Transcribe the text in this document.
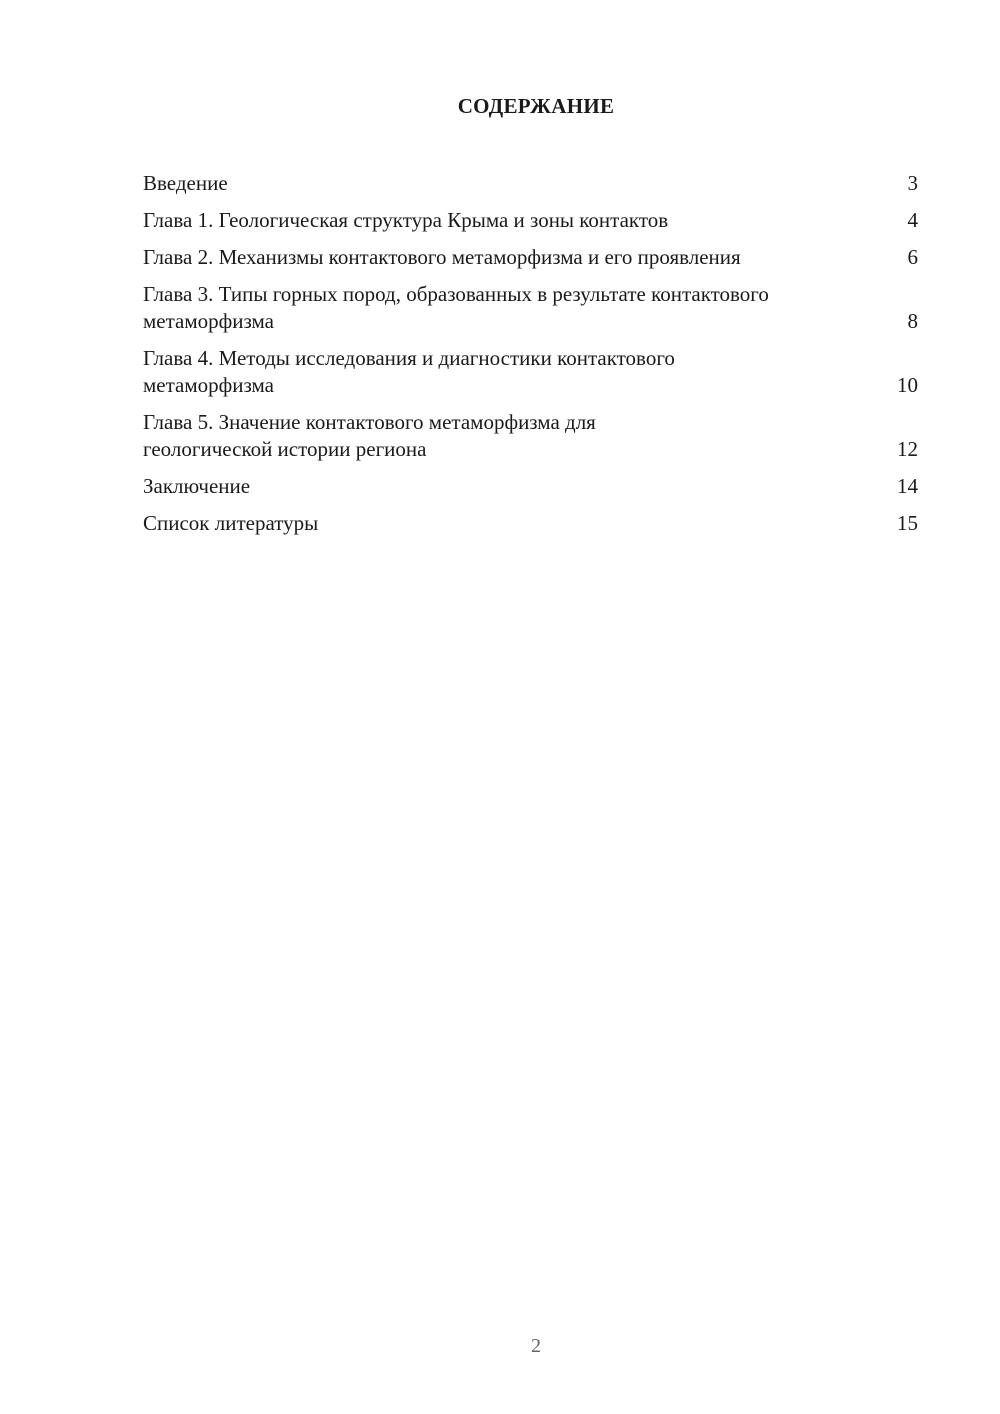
СОДЕРЖАНИЕ
Введение	3
Глава 1. Геологическая структура Крыма и зоны контактов	4
Глава 2. Механизмы контактового метаморфизма и его проявления	6
Глава 3. Типы горных пород, образованных в результате контактового метаморфизма	8
Глава 4. Методы исследования и диагностики контактового метаморфизма	10
Глава 5. Значение контактового метаморфизма для геологической истории региона	12
Заключение	14
Список литературы	15
2
